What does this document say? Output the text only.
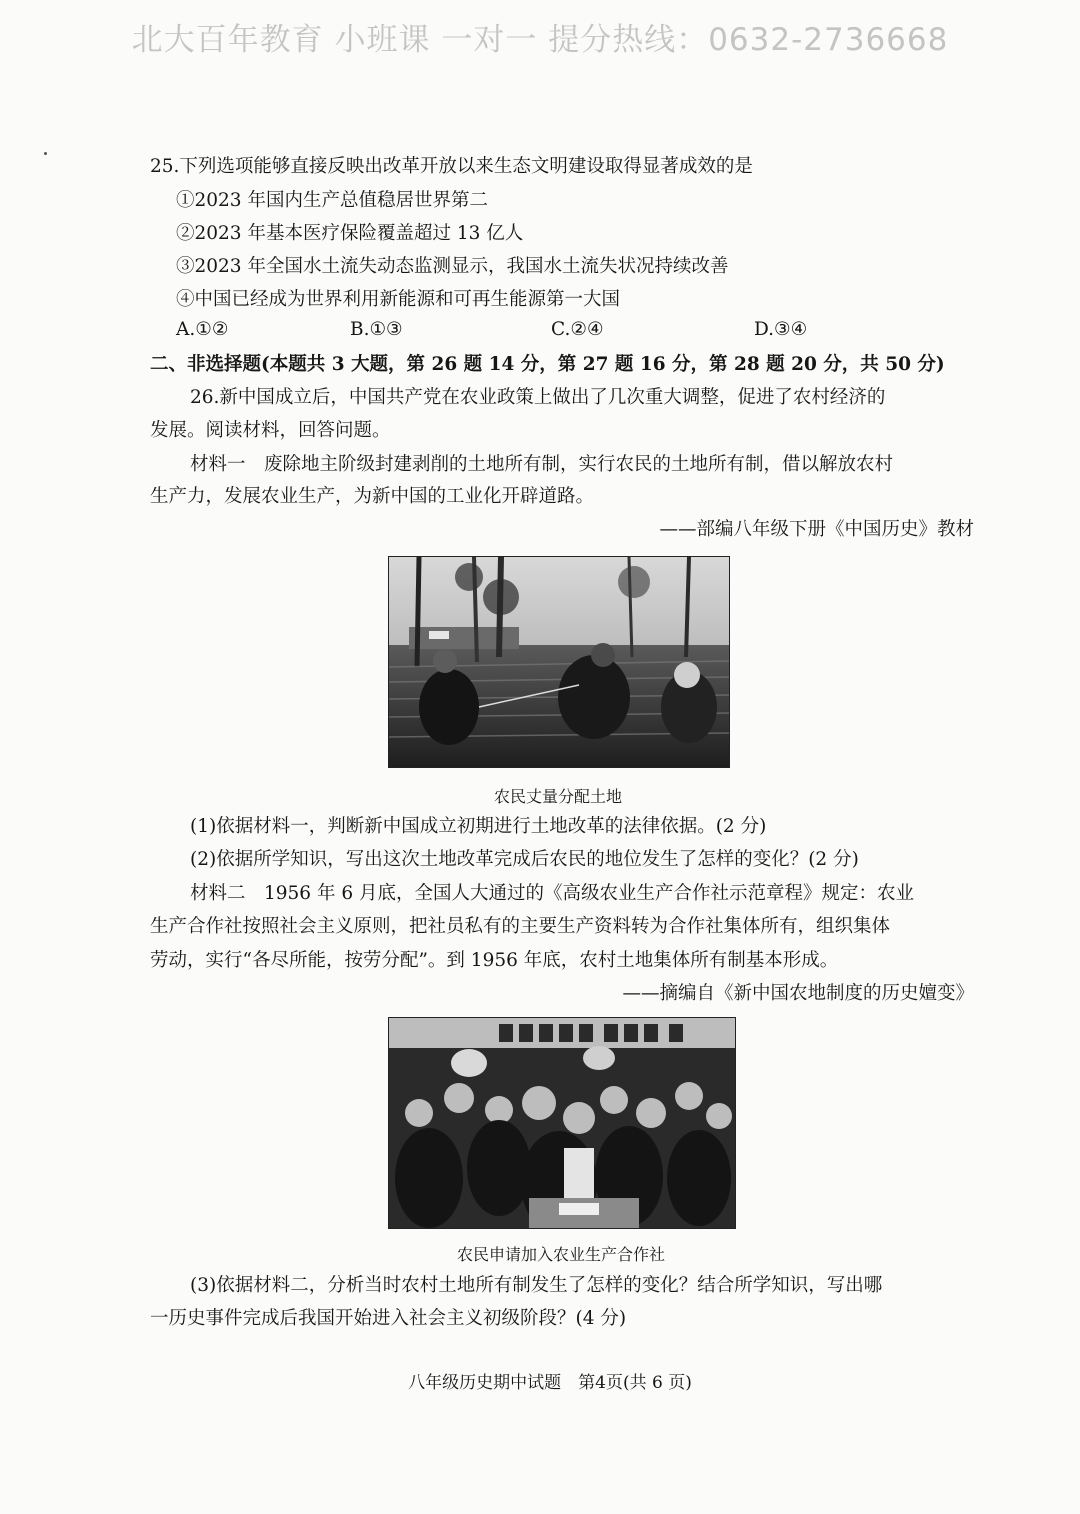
北大百年教育 小班课 一对一 提分热线：0632-2736668
25.下列选项能够直接反映出改革开放以来生态文明建设取得显著成效的是
①2023 年国内生产总值稳居世界第二
②2023 年基本医疗保险覆盖超过 13 亿人
③2023 年全国水土流失动态监测显示，我国水土流失状况持续改善
④中国已经成为世界利用新能源和可再生能源第一大国
A.①②	B.①③	C.②④	D.③④
二、非选择题(本题共 3 大题，第 26 题 14 分，第 27 题 16 分，第 28 题 20 分，共 50 分)
26.新中国成立后，中国共产党在农业政策上做出了几次重大调整，促进了农村经济的
发展。阅读材料，回答问题。
材料一　废除地主阶级封建剥削的土地所有制，实行农民的土地所有制，借以解放农村
生产力，发展农业生产，为新中国的工业化开辟道路。
——部编八年级下册《中国历史》教材
农民丈量分配土地
(1)依据材料一，判断新中国成立初期进行土地改革的法律依据。(2 分)
(2)依据所学知识，写出这次土地改革完成后农民的地位发生了怎样的变化？(2 分)
材料二　1956 年 6 月底，全国人大通过的《高级农业生产合作社示范章程》规定：农业
生产合作社按照社会主义原则，把社员私有的主要生产资料转为合作社集体所有，组织集体
劳动，实行“各尽所能，按劳分配”。到 1956 年底，农村土地集体所有制基本形成。
——摘编自《新中国农地制度的历史嬗变》
农民申请加入农业生产合作社
(3)依据材料二，分析当时农村土地所有制发生了怎样的变化？结合所学知识，写出哪
一历史事件完成后我国开始进入社会主义初级阶段？(4 分)
八年级历史期中试题　第4页(共 6 页)
